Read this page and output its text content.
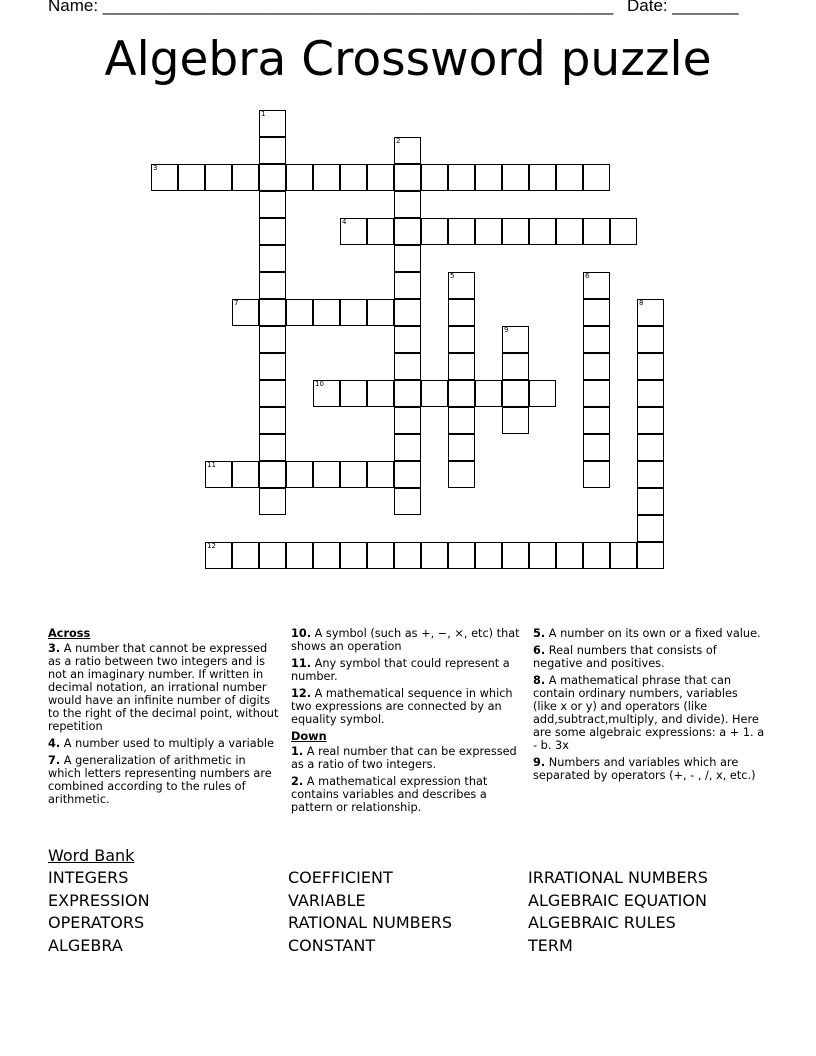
Name: ______________________________________________________ Date: _______
Algebra Crossword puzzle
1
2
3
4
5	6
7	8
9
10
11
12

Across

3. A number that cannot be expressed as a ratio between two integers and is not an imaginary number. If written in decimal notation, an irrational number would have an infinite number of digits to the right of the decimal point, without repetition

4. A number used to multiply a variable

7. A generalization of arithmetic in which letters representing numbers are combined according to the rules of arithmetic.

10. A symbol (such as +, −, ×, etc) that shows an operation

11. Any symbol that could represent a number.

12. A mathematical sequence in which two expressions are connected by an equality symbol.

Down

1. A real number that can be expressed as a ratio of two integers.

2. A mathematical expression that contains variables and describes a pattern or relationship.

5. A number on its own or a fixed value.

6. Real numbers that consists of negative and positives.

8. A mathematical phrase that can contain ordinary numbers, variables (like x or y) and operators (like add,subtract,multiply, and divide). Here are some algebraic expressions: a + 1. a - b. 3x

9. Numbers and variables which are separated by operators (+, - , /, x, etc.)

Word Bank
INTEGERS
EXPRESSION
OPERATORS
ALGEBRA
COEFFICIENT
VARIABLE
RATIONAL NUMBERS
CONSTANT
IRRATIONAL NUMBERS
ALGEBRAIC EQUATION
ALGEBRAIC RULES
TERM
